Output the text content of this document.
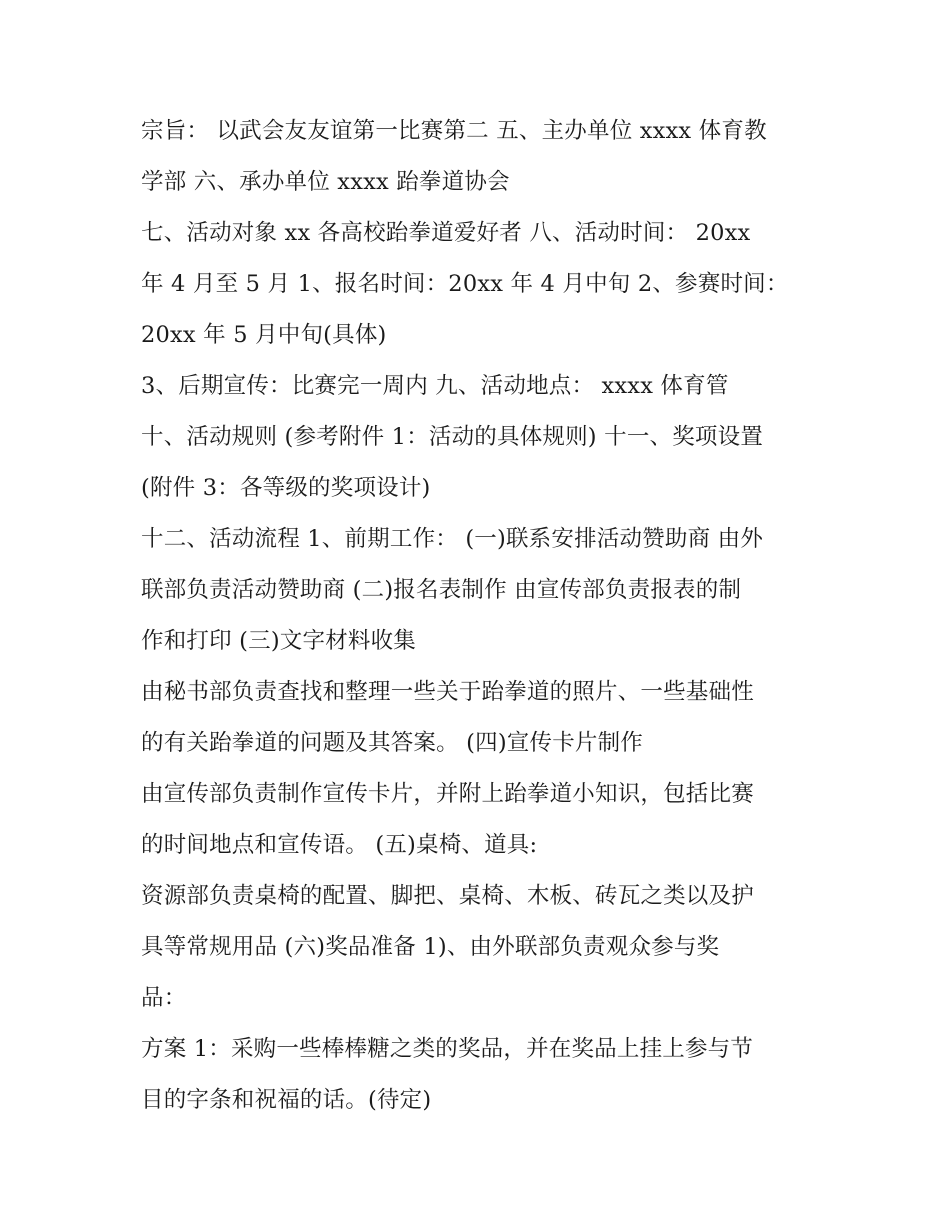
宗旨： 以武会友友谊第一比赛第二 五、主办单位 xxxx 体育教
学部 六、承办单位 xxxx 跆拳道协会
七、活动对象 xx 各高校跆拳道爱好者 八、活动时间： 20xx
年 4 月至 5 月 1、报名时间：20xx 年 4 月中旬 2、参赛时间：
20xx 年 5 月中旬(具体)
3、后期宣传：比赛完一周内 九、活动地点： xxxx 体育管
十、活动规则 (参考附件 1：活动的具体规则) 十一、奖项设置
(附件 3：各等级的奖项设计)
十二、活动流程 1、前期工作： (一)联系安排活动赞助商 由外
联部负责活动赞助商 (二)报名表制作 由宣传部负责报表的制
作和打印 (三)文字材料收集
由秘书部负责查找和整理一些关于跆拳道的照片、一些基础性
的有关跆拳道的问题及其答案。 (四)宣传卡片制作
由宣传部负责制作宣传卡片，并附上跆拳道小知识，包括比赛
的时间地点和宣传语。 (五)桌椅、道具:
资源部负责桌椅的配置、脚把、桌椅、木板、砖瓦之类以及护
具等常规用品 (六)奖品准备 1)、由外联部负责观众参与奖
品：
方案 1：采购一些棒棒糖之类的奖品，并在奖品上挂上参与节
目的字条和祝福的话。(待定)
